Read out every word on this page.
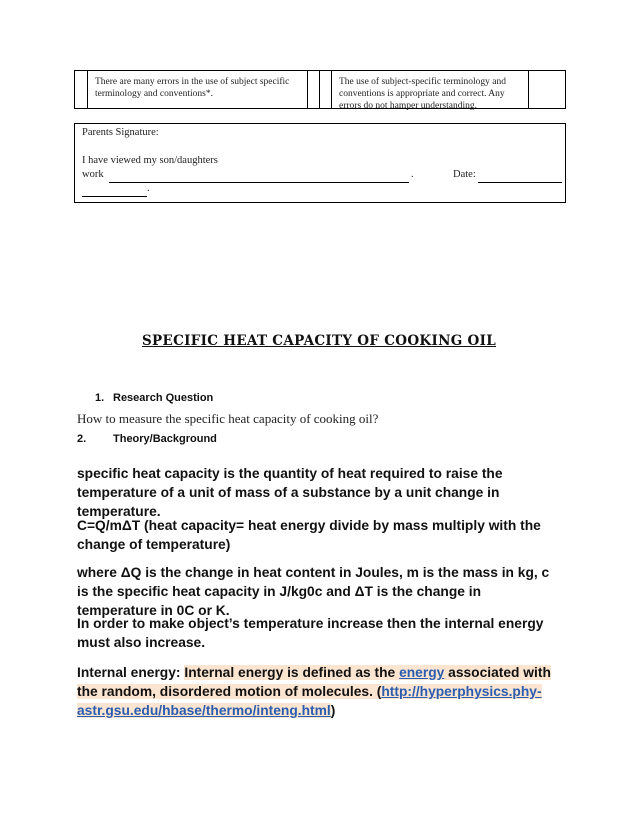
There are many errors in the use of subject specific terminology and conventions*.
The use of subject-specific terminology and conventions is appropriate and correct. Any errors do not hamper understanding.
Parents Signature:
I have viewed my son/daughters
work	.	Date:
.
SPECIFIC HEAT CAPACITY OF COOKING OIL
1. Research Question
How to measure the specific heat capacity of cooking oil?
2. Theory/Background
specific heat capacity is the quantity of heat required to raise the temperature of a unit of mass of a substance by a unit change in temperature.
C=Q/mΔT (heat capacity= heat energy divide by mass multiply with the change of temperature)
where ΔQ is the change in heat content in Joules, m is the mass in kg, c is the specific heat capacity in J/kg0c and ΔT is the change in temperature in 0C or K.
In order to make object’s temperature increase then the internal energy must also increase.
Internal energy: Internal energy is defined as the energy associated with the random, disordered motion of molecules. (http://hyperphysics.phy-astr.gsu.edu/hbase/thermo/inteng.html)
